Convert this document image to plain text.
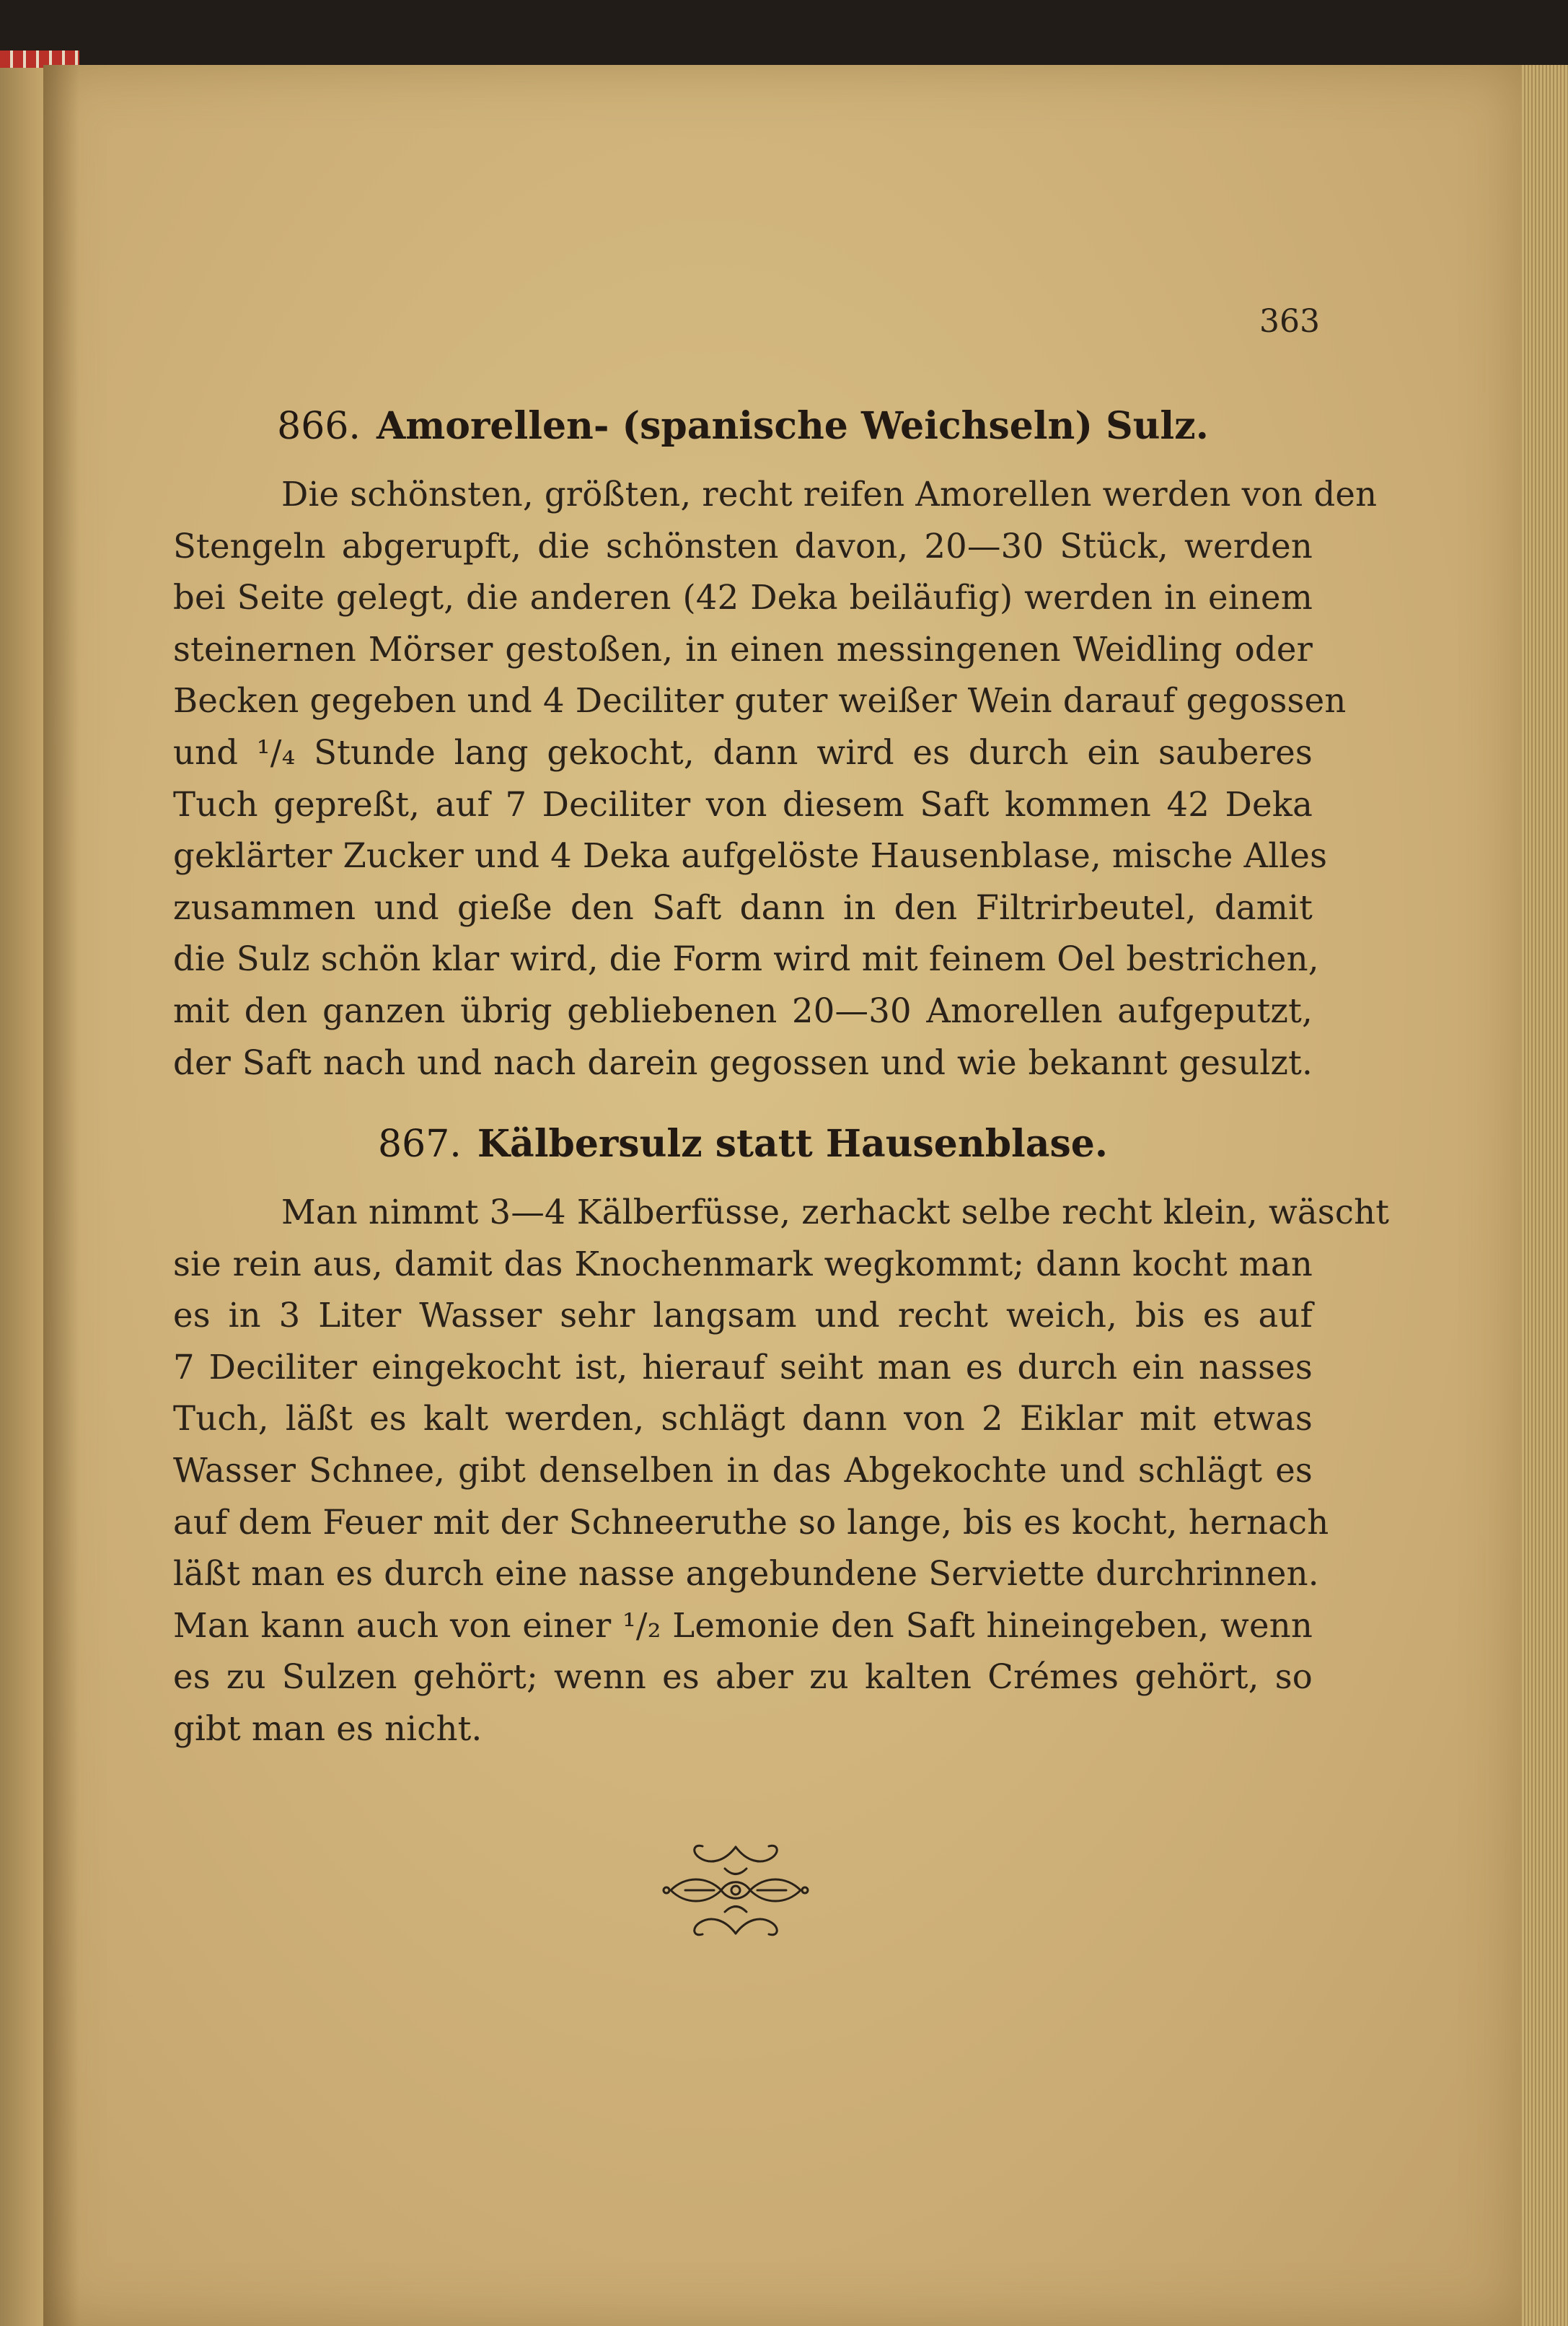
363
866. Amorellen- (spanische Weichseln) Sulz.
Die schönsten, größten, recht reifen Amorellen werden von den
Stengeln abgerupft, die schönsten davon, 20—30 Stück, werden
bei Seite gelegt, die anderen (42 Deka beiläufig) werden in einem
steinernen Mörser gestoßen, in einen messingenen Weidling oder
Becken gegeben und 4 Deciliter guter weißer Wein darauf gegossen
und ¹/₄ Stunde lang gekocht, dann wird es durch ein sauberes
Tuch gepreßt, auf 7 Deciliter von diesem Saft kommen 42 Deka
geklärter Zucker und 4 Deka aufgelöste Hausenblase, mische Alles
zusammen und gieße den Saft dann in den Filtrirbeutel, damit
die Sulz schön klar wird, die Form wird mit feinem Oel bestrichen,
mit den ganzen übrig gebliebenen 20—30 Amorellen aufgeputzt,
der Saft nach und nach darein gegossen und wie bekannt gesulzt.
867. Kälbersulz statt Hausenblase.
Man nimmt 3—4 Kälberfüsse, zerhackt selbe recht klein, wäscht
sie rein aus, damit das Knochenmark wegkommt; dann kocht man
es in 3 Liter Wasser sehr langsam und recht weich, bis es auf
7 Deciliter eingekocht ist, hierauf seiht man es durch ein nasses
Tuch, läßt es kalt werden, schlägt dann von 2 Eiklar mit etwas
Wasser Schnee, gibt denselben in das Abgekochte und schlägt es
auf dem Feuer mit der Schneeruthe so lange, bis es kocht, hernach
läßt man es durch eine nasse angebundene Serviette durchrinnen.
Man kann auch von einer ¹/₂ Lemonie den Saft hineingeben, wenn
es zu Sulzen gehört; wenn es aber zu kalten Crémes gehört, so
gibt man es nicht.
